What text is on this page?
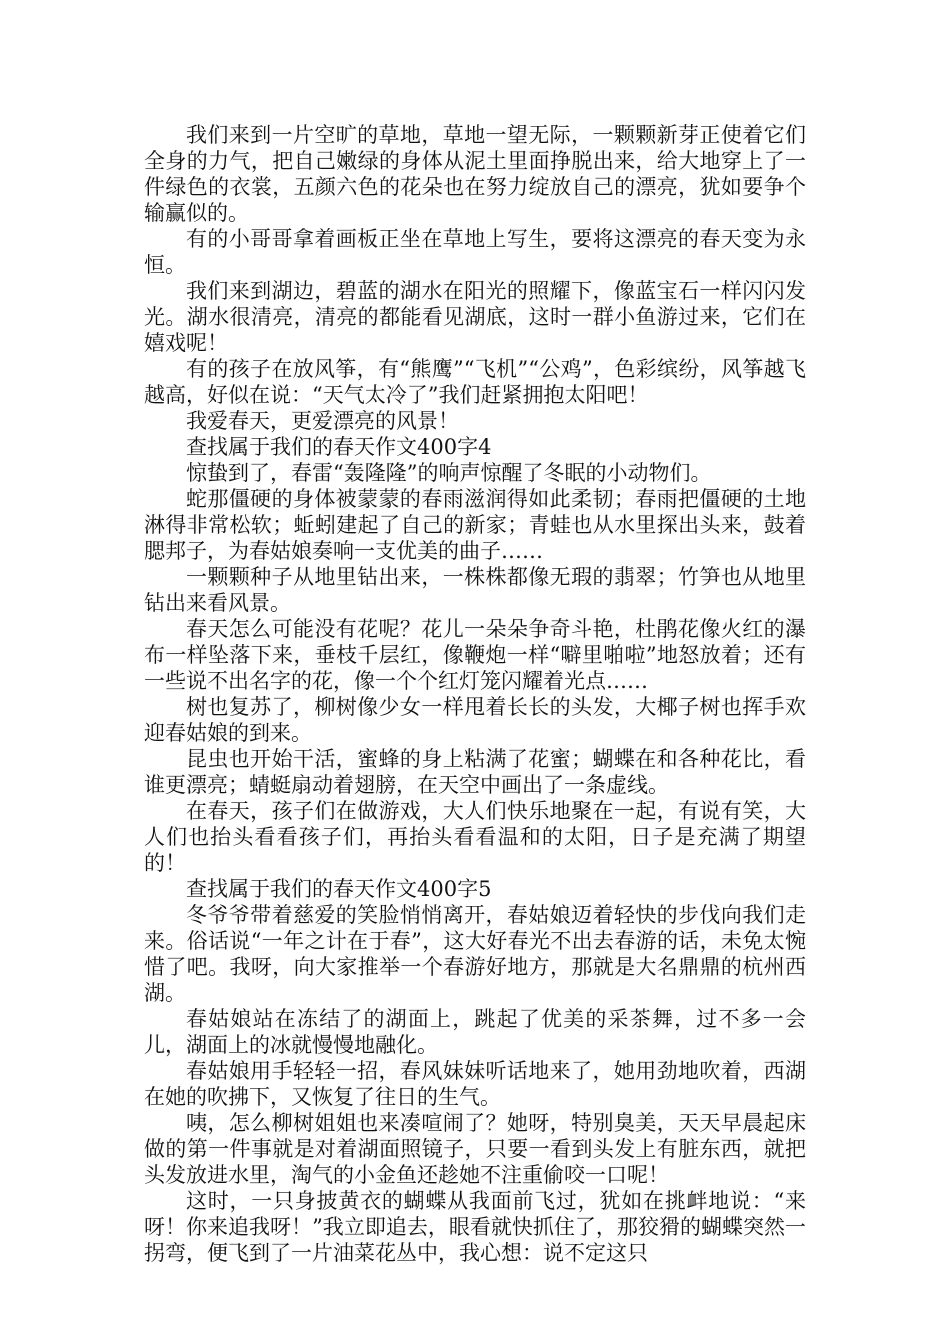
我们来到一片空旷的草地，草地一望无际，一颗颗新芽正使着它们全身的力气，把自己嫩绿的身体从泥土里面挣脱出来，给大地穿上了一件绿色的衣裳，五颜六色的花朵也在努力绽放自己的漂亮，犹如要争个输赢似的。

有的小哥哥拿着画板正坐在草地上写生，要将这漂亮的春天变为永恒。

我们来到湖边，碧蓝的湖水在阳光的照耀下，像蓝宝石一样闪闪发光。湖水很清亮，清亮的都能看见湖底，这时一群小鱼游过来，它们在嬉戏呢！

有的孩子在放风筝，有“熊鹰”“飞机”“公鸡”，色彩缤纷，风筝越飞越高，好似在说：“天气太冷了”我们赶紧拥抱太阳吧！

我爱春天，更爱漂亮的风景！

查找属于我们的春天作文400字4

惊蛰到了，春雷“轰隆隆”的响声惊醒了冬眠的小动物们。

蛇那僵硬的身体被蒙蒙的春雨滋润得如此柔韧；春雨把僵硬的土地淋得非常松软；蚯蚓建起了自己的新家；青蛙也从水里探出头来，鼓着腮邦子，为春姑娘奏响一支优美的曲子……

一颗颗种子从地里钻出来，一株株都像无瑕的翡翠；竹笋也从地里钻出来看风景。

春天怎么可能没有花呢？花儿一朵朵争奇斗艳，杜鹃花像火红的瀑布一样坠落下来，垂枝千层红，像鞭炮一样“噼里啪啦”地怒放着；还有一些说不出名字的花，像一个个红灯笼闪耀着光点……

树也复苏了，柳树像少女一样甩着长长的头发，大椰子树也挥手欢迎春姑娘的到来。

昆虫也开始干活，蜜蜂的身上粘满了花蜜；蝴蝶在和各种花比，看谁更漂亮；蜻蜓扇动着翅膀，在天空中画出了一条虚线。

在春天，孩子们在做游戏，大人们快乐地聚在一起，有说有笑，大人们也抬头看看孩子们，再抬头看看温和的太阳，日子是充满了期望的！

查找属于我们的春天作文400字5

冬爷爷带着慈爱的笑脸悄悄离开，春姑娘迈着轻快的步伐向我们走来。俗话说“一年之计在于春”，这大好春光不出去春游的话，未免太惋惜了吧。我呀，向大家推举一个春游好地方，那就是大名鼎鼎的杭州西湖。

春姑娘站在冻结了的湖面上，跳起了优美的采茶舞，过不多一会儿，湖面上的冰就慢慢地融化。

春姑娘用手轻轻一招，春风妹妹听话地来了，她用劲地吹着，西湖在她的吹拂下，又恢复了往日的生气。

咦，怎么柳树姐姐也来凑喧闹了？她呀，特别臭美，天天早晨起床做的第一件事就是对着湖面照镜子，只要一看到头发上有脏东西，就把头发放进水里，淘气的小金鱼还趁她不注重偷咬一口呢！

这时，一只身披黄衣的蝴蝶从我面前飞过，犹如在挑衅地说：“来呀！你来追我呀！”我立即追去，眼看就快抓住了，那狡猾的蝴蝶突然一拐弯，便飞到了一片油菜花丛中，我心想：说不定这只
